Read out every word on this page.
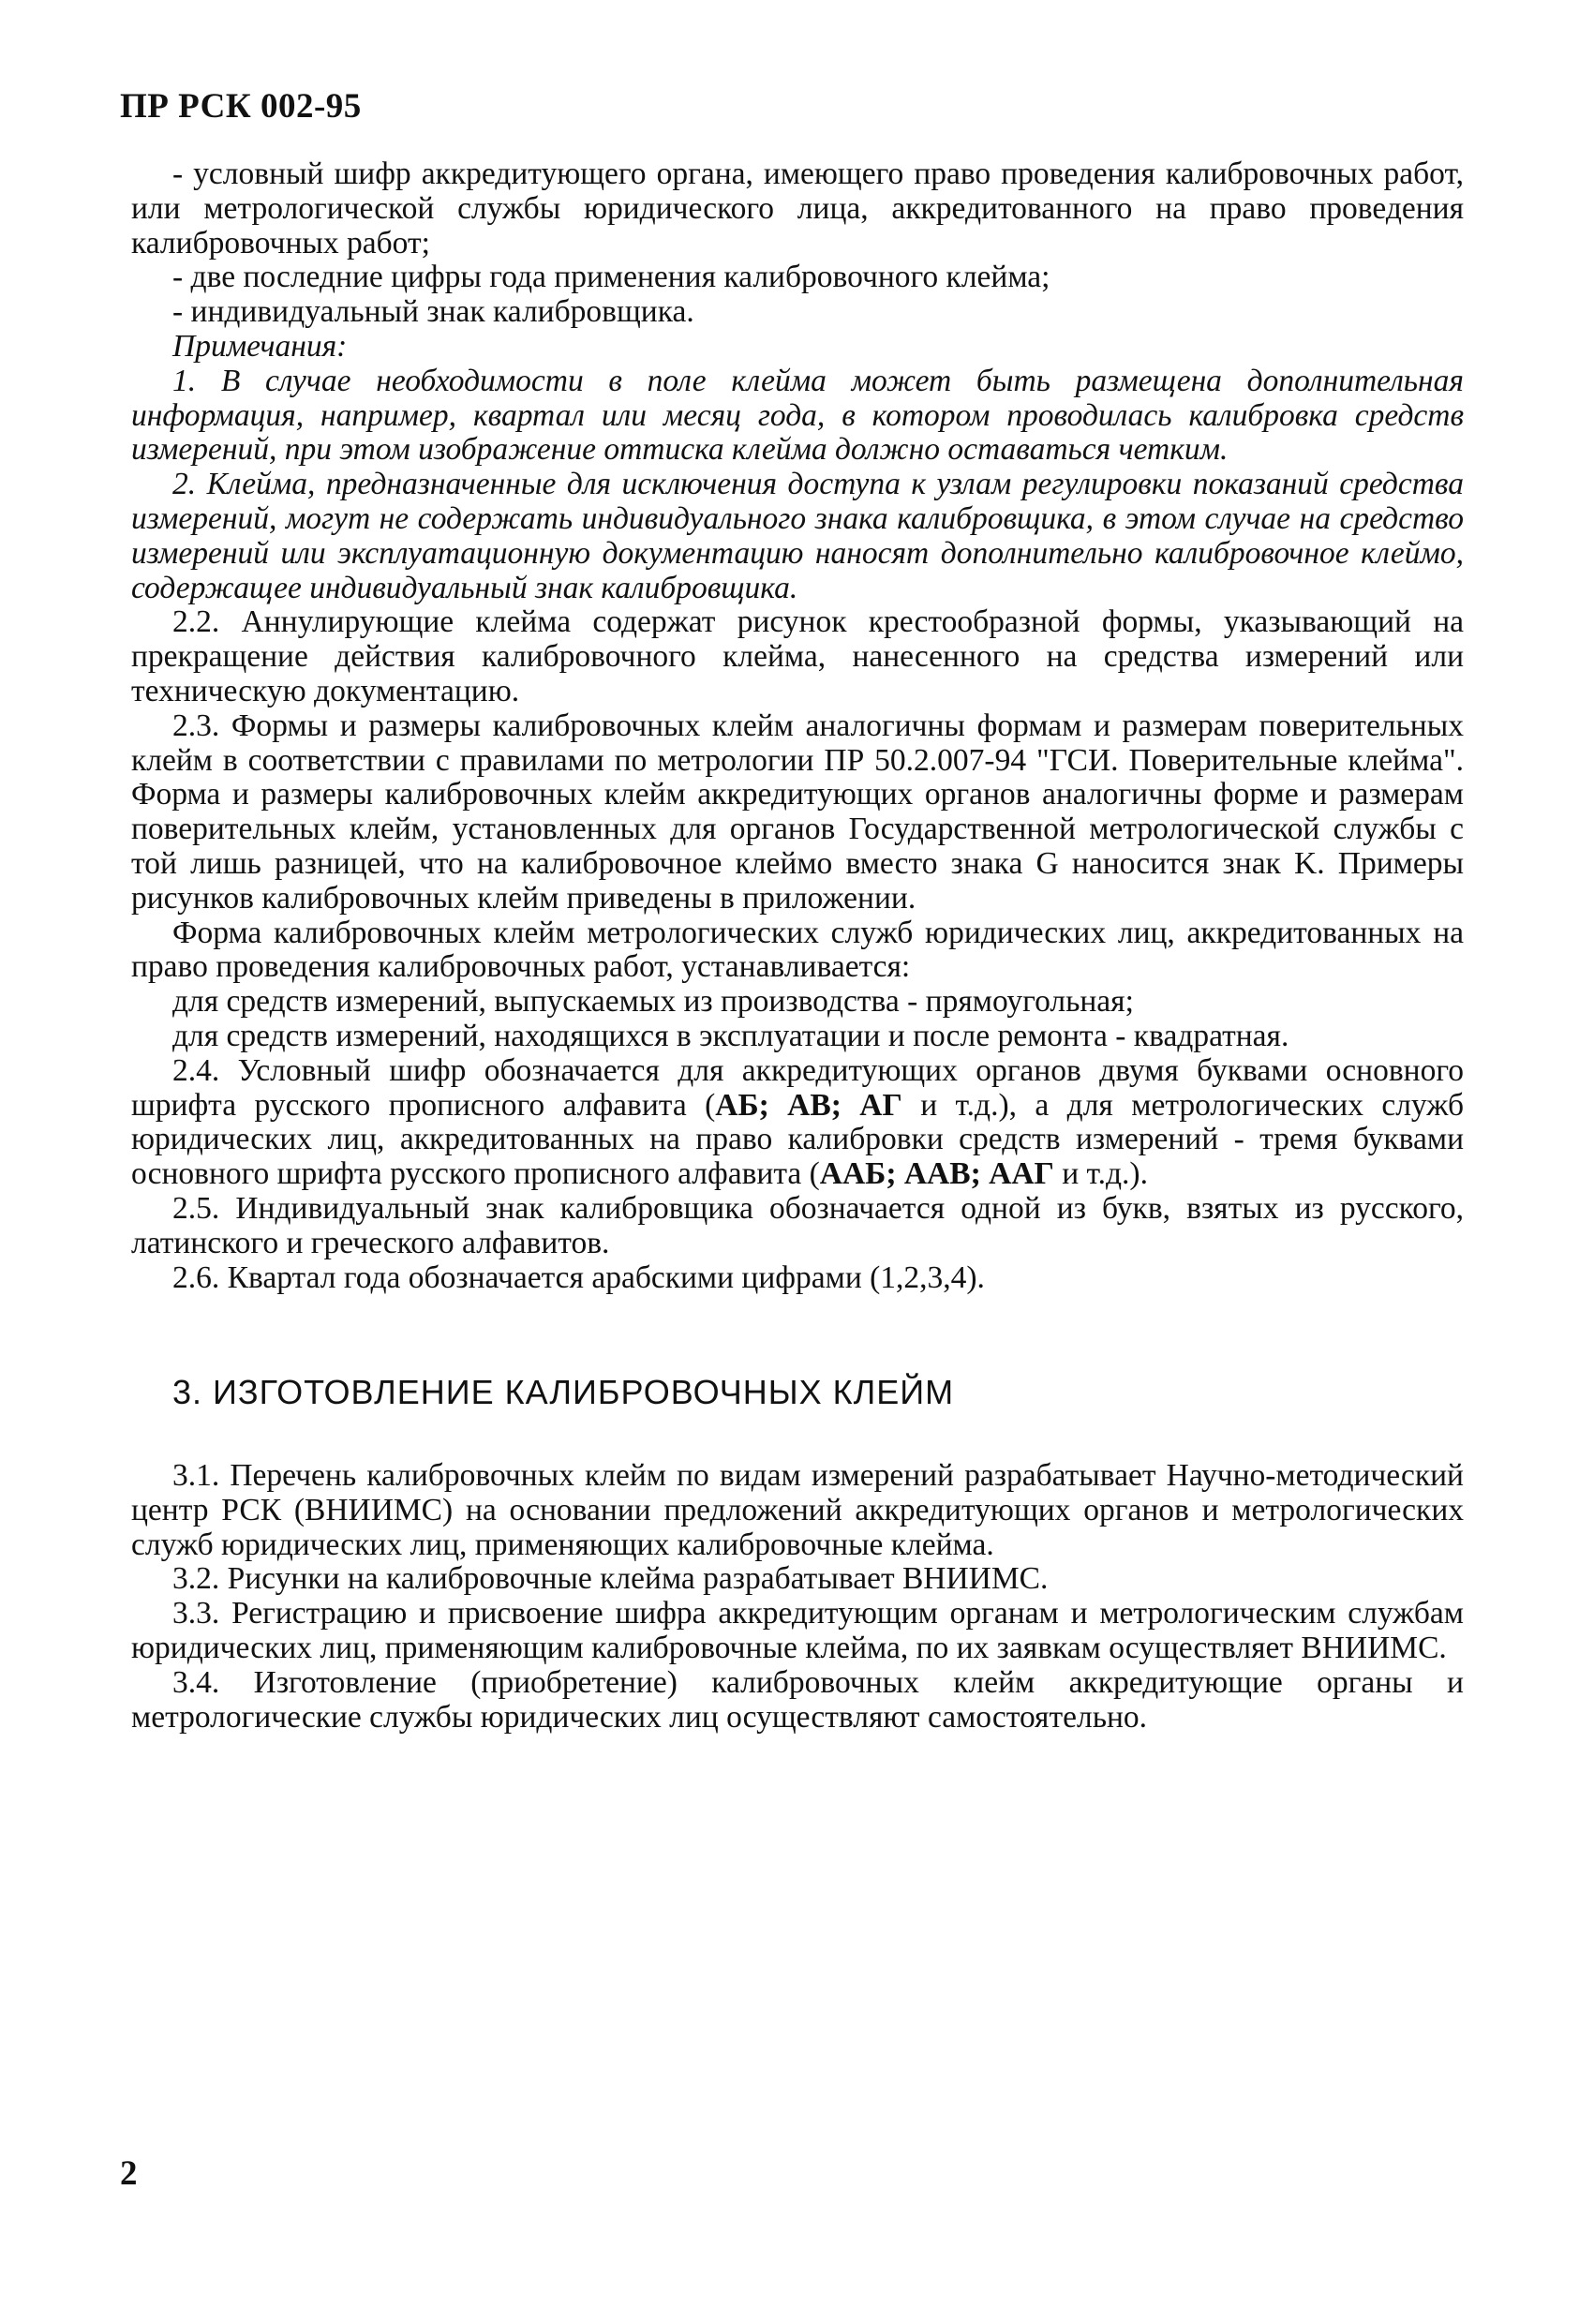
ПР РСК 002-95

- условный шифр аккредитующего органа, имеющего право проведения калибровочных работ, или метрологической службы юридического лица, аккредитованного на право проведения калибровочных работ;

- две последние цифры года применения калибровочного клейма;

- индивидуальный знак калибровщика.

Примечания:

1. В случае необходимости в поле клейма может быть размещена дополнительная информация, например, квартал или месяц года, в котором проводилась калибровка средств измерений, при этом изображение оттиска клейма должно оставаться четким.

2. Клейма, предназначенные для исключения доступа к узлам регулировки показаний средства измерений, могут не содержать индивидуального знака калибровщика, в этом случае на средство измерений или эксплуатационную документацию наносят дополнительно калибровочное клеймо, содержащее индивидуальный знак калибровщика.

2.2. Аннулирующие клейма содержат рисунок крестообразной формы, указывающий на прекращение действия калибровочного клейма, нанесенного на средства измерений или техническую документацию.

2.3. Формы и размеры калибровочных клейм аналогичны формам и размерам поверительных клейм в соответствии с правилами по метрологии ПР 50.2.007-94 "ГСИ. Поверительные клейма". Форма и размеры калибровочных клейм аккредитующих органов аналогичны форме и размерам поверительных клейм, установленных для органов Государственной метрологической службы с той лишь разницей, что на калибровочное клеймо вместо знака G наносится знак K. Примеры рисунков калибровочных клейм приведены в приложении.

Форма калибровочных клейм метрологических служб юридических лиц, аккредитованных на право проведения калибровочных работ, устанавливается:

для средств измерений, выпускаемых из производства - прямоугольная;

для средств измерений, находящихся в эксплуатации и после ремонта - квадратная.

2.4. Условный шифр обозначается для аккредитующих органов двумя буквами основного шрифта русского прописного алфавита (АБ; АВ; АГ и т.д.), а для метрологических служб юридических лиц, аккредитованных на право калибровки средств измерений - тремя буквами основного шрифта русского прописного алфавита (ААБ; ААВ; ААГ и т.д.).

2.5. Индивидуальный знак калибровщика обозначается одной из букв, взятых из русского, латинского и греческого алфавитов.

2.6. Квартал года обозначается арабскими цифрами (1,2,3,4).

3. ИЗГОТОВЛЕНИЕ КАЛИБРОВОЧНЫХ КЛЕЙМ

3.1. Перечень калибровочных клейм по видам измерений разрабатывает Научно-методический центр РСК (ВНИИМС) на основании предложений аккредитующих органов и метрологических служб юридических лиц, применяющих калибровочные клейма.

3.2. Рисунки на калибровочные клейма разрабатывает ВНИИМС.

3.3. Регистрацию и присвоение шифра аккредитующим органам и метрологическим службам юридических лиц, применяющим калибровочные клейма, по их заявкам осуществляет ВНИИМС.

3.4. Изготовление (приобретение) калибровочных клейм аккредитующие органы и метрологические службы юридических лиц осуществляют самостоятельно.

2
